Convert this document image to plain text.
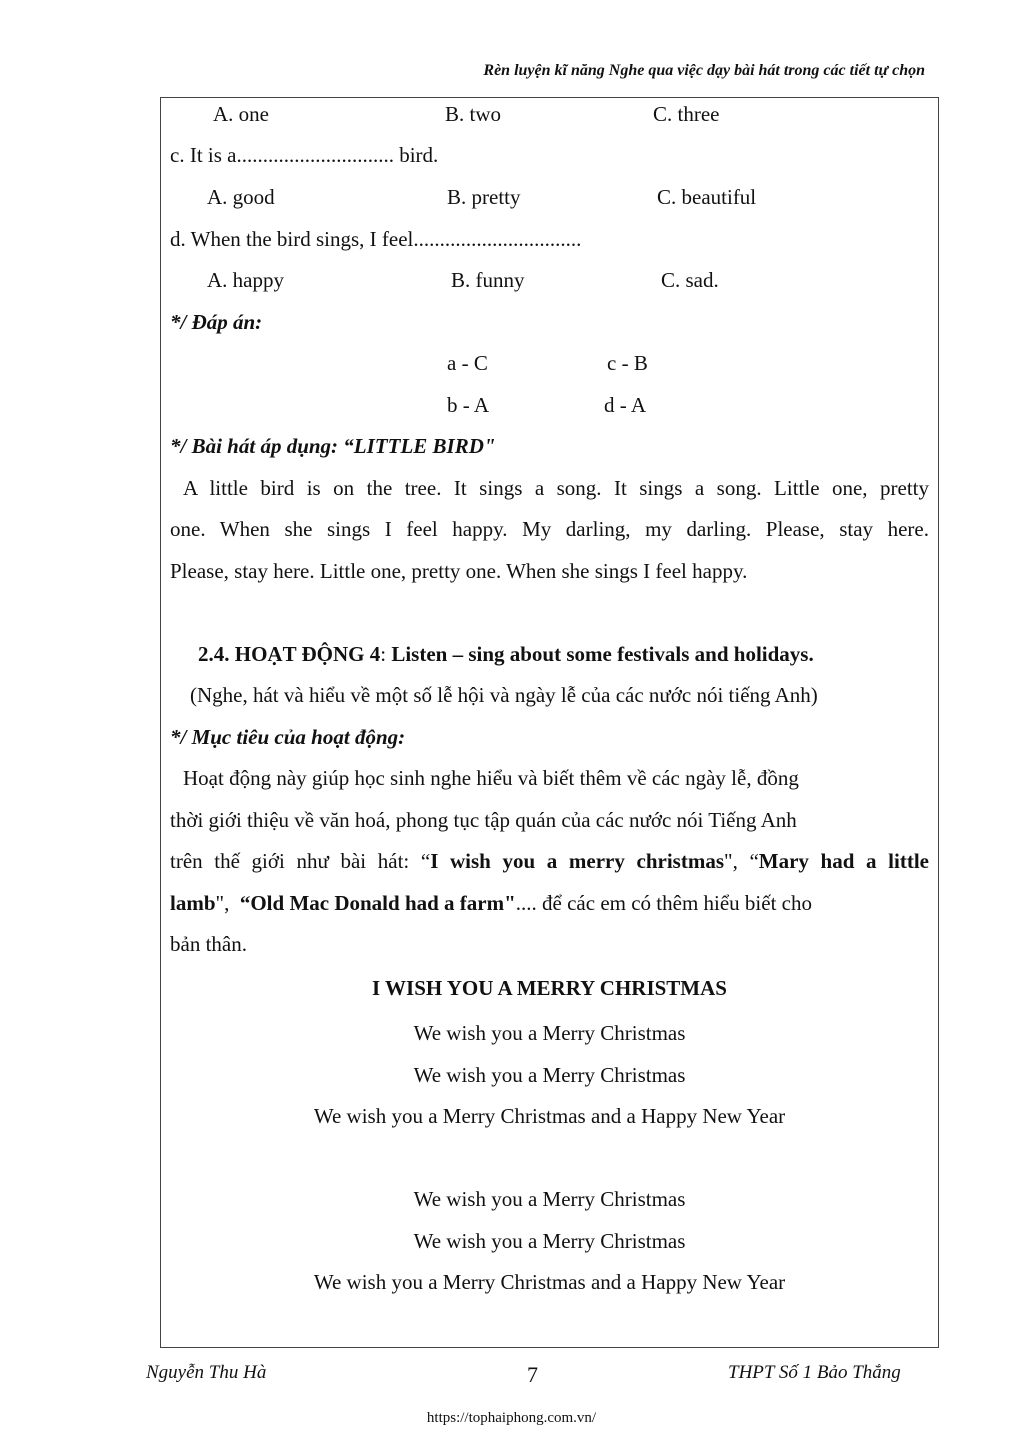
Rèn luyện kĩ năng Nghe qua việc dạy bài hát trong các tiết tự chọn
A. one	B. two	C. three
c. It is a.............................. bird.
A. good	B. pretty	C. beautiful
d. When the bird sings, I feel................................
A. happy	B. funny	C. sad.
*/ Đáp án:
a - C	c - B
b - A	d - A
*/ Bài hát áp dụng: “LITTLE BIRD"
A little bird is on the tree. It sings a song. It sings a song. Little one, pretty
one. When she sings I feel happy. My darling, my darling. Please, stay here.
Please, stay here. Little one, pretty one. When she sings I feel happy.
2.4. HOẠT ĐỘNG 4: Listen – sing about some festivals and holidays.
(Nghe, hát và hiểu về một số lễ hội và ngày lễ của các nước nói tiếng Anh)
*/ Mục tiêu của hoạt động:
Hoạt động này giúp học sinh nghe hiểu và biết thêm về các ngày lễ, đồng
thời giới thiệu về văn hoá, phong tục tập quán của các nước nói Tiếng Anh
trên thế giới như bài hát: “I wish you a merry christmas", “Mary had a little
lamb",  “Old Mac Donald had a farm".... để các em có thêm hiểu biết cho
bản thân.
I WISH YOU A MERRY CHRISTMAS
We wish you a Merry Christmas
We wish you a Merry Christmas
We wish you a Merry Christmas and a Happy New Year
We wish you a Merry Christmas
We wish you a Merry Christmas
We wish you a Merry Christmas and a Happy New Year
Nguyễn Thu Hà	7	THPT Số 1 Bảo Thắng
https://tophaiphong.com.vn/
